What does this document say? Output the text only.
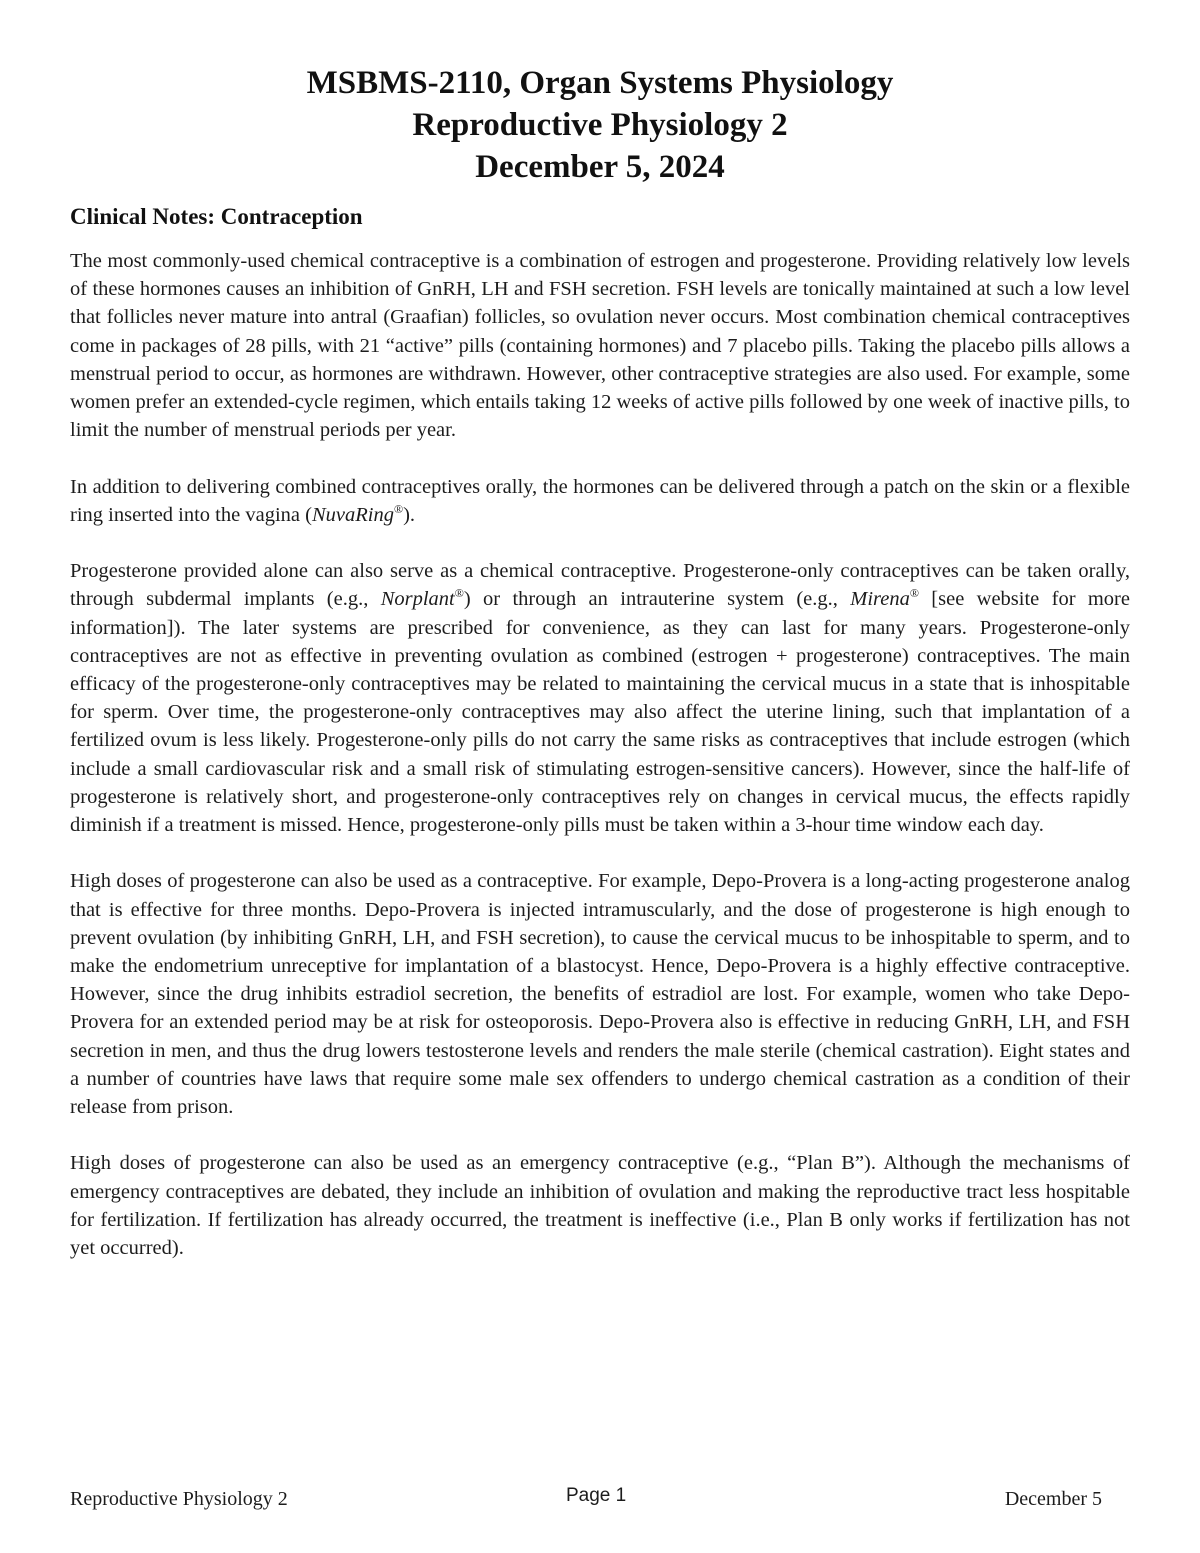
MSBMS-2110, Organ Systems Physiology
Reproductive Physiology 2
December 5, 2024
Clinical Notes: Contraception

The most commonly-used chemical contraceptive is a combination of estrogen and progesterone. Providing relatively low levels of these hormones causes an inhibition of GnRH, LH and FSH secretion. FSH levels are tonically maintained at such a low level that follicles never mature into antral (Graafian) follicles, so ovulation never occurs. Most combination chemical contraceptives come in packages of 28 pills, with 21 “active” pills (containing hormones) and 7 placebo pills. Taking the placebo pills allows a menstrual period to occur, as hormones are withdrawn. However, other contraceptive strategies are also used. For example, some women prefer an extended-cycle regimen, which entails taking 12 weeks of active pills followed by one week of inactive pills, to limit the number of menstrual periods per year.

In addition to delivering combined contraceptives orally, the hormones can be delivered through a patch on the skin or a flexible ring inserted into the vagina (NuvaRing®).

Progesterone provided alone can also serve as a chemical contraceptive. Progesterone-only contraceptives can be taken orally, through subdermal implants (e.g., Norplant®) or through an intrauterine system (e.g., Mirena® [see website for more information]). The later systems are prescribed for convenience, as they can last for many years. Progesterone-only contraceptives are not as effective in preventing ovulation as combined (estrogen + progesterone) contraceptives. The main efficacy of the progesterone-only contraceptives may be related to maintaining the cervical mucus in a state that is inhospitable for sperm. Over time, the progesterone-only contraceptives may also affect the uterine lining, such that implantation of a fertilized ovum is less likely. Progesterone-only pills do not carry the same risks as contraceptives that include estrogen (which include a small cardiovascular risk and a small risk of stimulating estrogen-sensitive cancers). However, since the half-life of progesterone is relatively short, and progesterone-only contraceptives rely on changes in cervical mucus, the effects rapidly diminish if a treatment is missed. Hence, progesterone-only pills must be taken within a 3-hour time window each day.

High doses of progesterone can also be used as a contraceptive. For example, Depo-Provera is a long-acting progesterone analog that is effective for three months. Depo-Provera is injected intramuscularly, and the dose of progesterone is high enough to prevent ovulation (by inhibiting GnRH, LH, and FSH secretion), to cause the cervical mucus to be inhospitable to sperm, and to make the endometrium unreceptive for implantation of a blastocyst. Hence, Depo-Provera is a highly effective contraceptive. However, since the drug inhibits estradiol secretion, the benefits of estradiol are lost. For example, women who take Depo-Provera for an extended period may be at risk for osteoporosis. Depo-Provera also is effective in reducing GnRH, LH, and FSH secretion in men, and thus the drug lowers testosterone levels and renders the male sterile (chemical castration). Eight states and a number of countries have laws that require some male sex offenders to undergo chemical castration as a condition of their release from prison.

High doses of progesterone can also be used as an emergency contraceptive (e.g., “Plan B”). Although the mechanisms of emergency contraceptives are debated, they include an inhibition of ovulation and making the reproductive tract less hospitable for fertilization. If fertilization has already occurred, the treatment is ineffective (i.e., Plan B only works if fertilization has not yet occurred).

Reproductive Physiology 2	Page 1	December 5
